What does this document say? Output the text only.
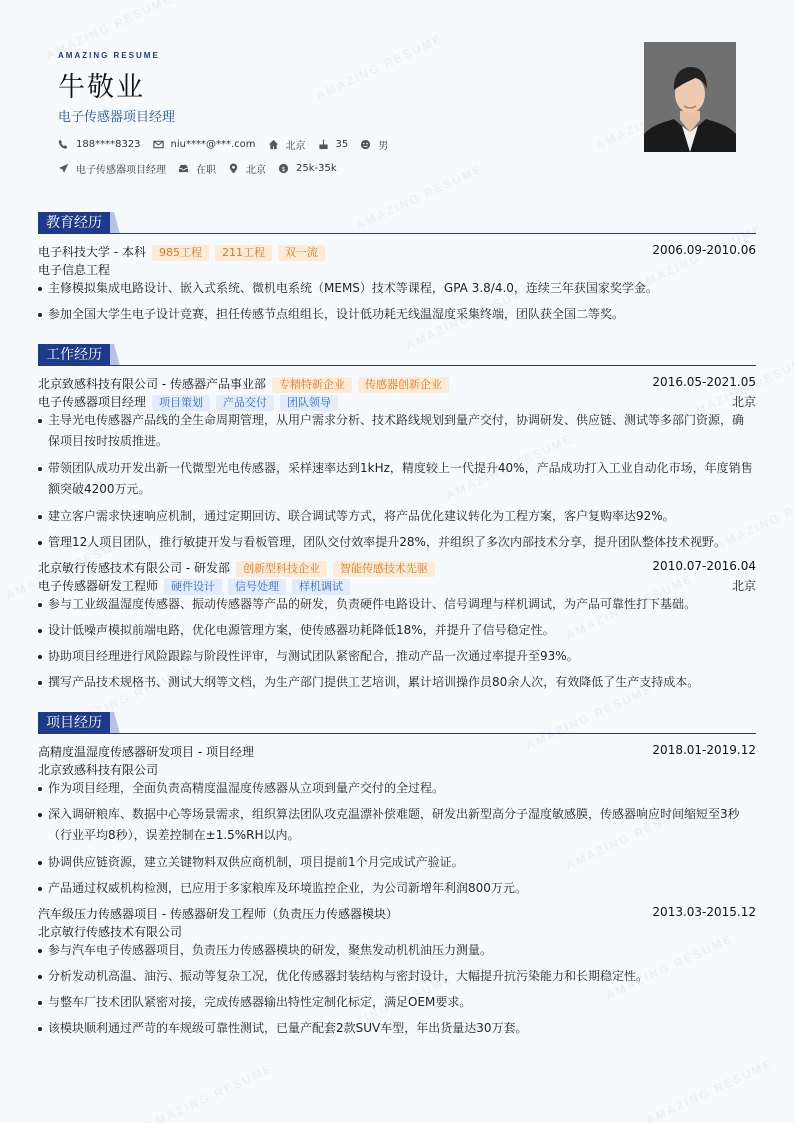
AMAZING RESUME
牛敬业
电子传感器项目经理
188****8323	niu****@***.com	北京	35	男
电子传感器项目经理	在职	北京 $ 25k-35k
教育经历
电子科技大学 - 本科 985工程 211工程 双一流	2006.09-2010.06
电子信息工程
主修模拟集成电路设计、嵌入式系统、微机电系统（MEMS）技术等课程，GPA 3.8/4.0，连续三年获国家奖学金。
参加全国大学生电子设计竞赛，担任传感节点组组长，设计低功耗无线温湿度采集终端，团队获全国二等奖。
工作经历
北京致感科技有限公司 - 传感器产品事业部 专精特新企业 传感器创新企业	2016.05-2021.05
电子传感器项目经理 项目策划 产品交付 团队领导	北京
主导光电传感器产品线的全生命周期管理，从用户需求分析、技术路线规划到量产交付，协调研发、供应链、测试等多部门资源，确
保项目按时按质推进。
带领团队成功开发出新一代微型光电传感器，采样速率达到1kHz，精度较上一代提升40%，产品成功打入工业自动化市场，年度销售
额突破4200万元。
建立客户需求快速响应机制，通过定期回访、联合调试等方式，将产品优化建议转化为工程方案，客户复购率达92%。
管理12人项目团队，推行敏捷开发与看板管理，团队交付效率提升28%，并组织了多次内部技术分享，提升团队整体技术视野。
北京敏行传感技术有限公司 - 研发部 创新型科技企业 智能传感技术先驱	2010.07-2016.04
电子传感器研发工程师 硬件设计 信号处理 样机调试	北京
参与工业级温湿度传感器、振动传感器等产品的研发，负责硬件电路设计、信号调理与样机调试，为产品可靠性打下基础。
设计低噪声模拟前端电路，优化电源管理方案，使传感器功耗降低18%，并提升了信号稳定性。
协助项目经理进行风险跟踪与阶段性评审，与测试团队紧密配合，推动产品一次通过率提升至93%。
撰写产品技术规格书、测试大纲等文档，为生产部门提供工艺培训，累计培训操作员80余人次，有效降低了生产支持成本。
项目经历
高精度温湿度传感器研发项目 - 项目经理	2018.01-2019.12
北京致感科技有限公司
作为项目经理，全面负责高精度温湿度传感器从立项到量产交付的全过程。
深入调研粮库、数据中心等场景需求，组织算法团队攻克温漂补偿难题，研发出新型高分子湿度敏感膜，传感器响应时间缩短至3秒
（行业平均8秒），误差控制在±1.5%RH以内。
协调供应链资源，建立关键物料双供应商机制，项目提前1个月完成试产验证。
产品通过权威机构检测，已应用于多家粮库及环境监控企业，为公司新增年利润800万元。
汽车级压力传感器项目 - 传感器研发工程师（负责压力传感器模块）	2013.03-2015.12
北京敏行传感技术有限公司
参与汽车电子传感器项目，负责压力传感器模块的研发，聚焦发动机机油压力测量。
分析发动机高温、油污、振动等复杂工况，优化传感器封装结构与密封设计，大幅提升抗污染能力和长期稳定性。
与整车厂技术团队紧密对接，完成传感器输出特性定制化标定，满足OEM要求。
该模块顺利通过严苛的车规级可靠性测试，已量产配套2款SUV车型，年出货量达30万套。
